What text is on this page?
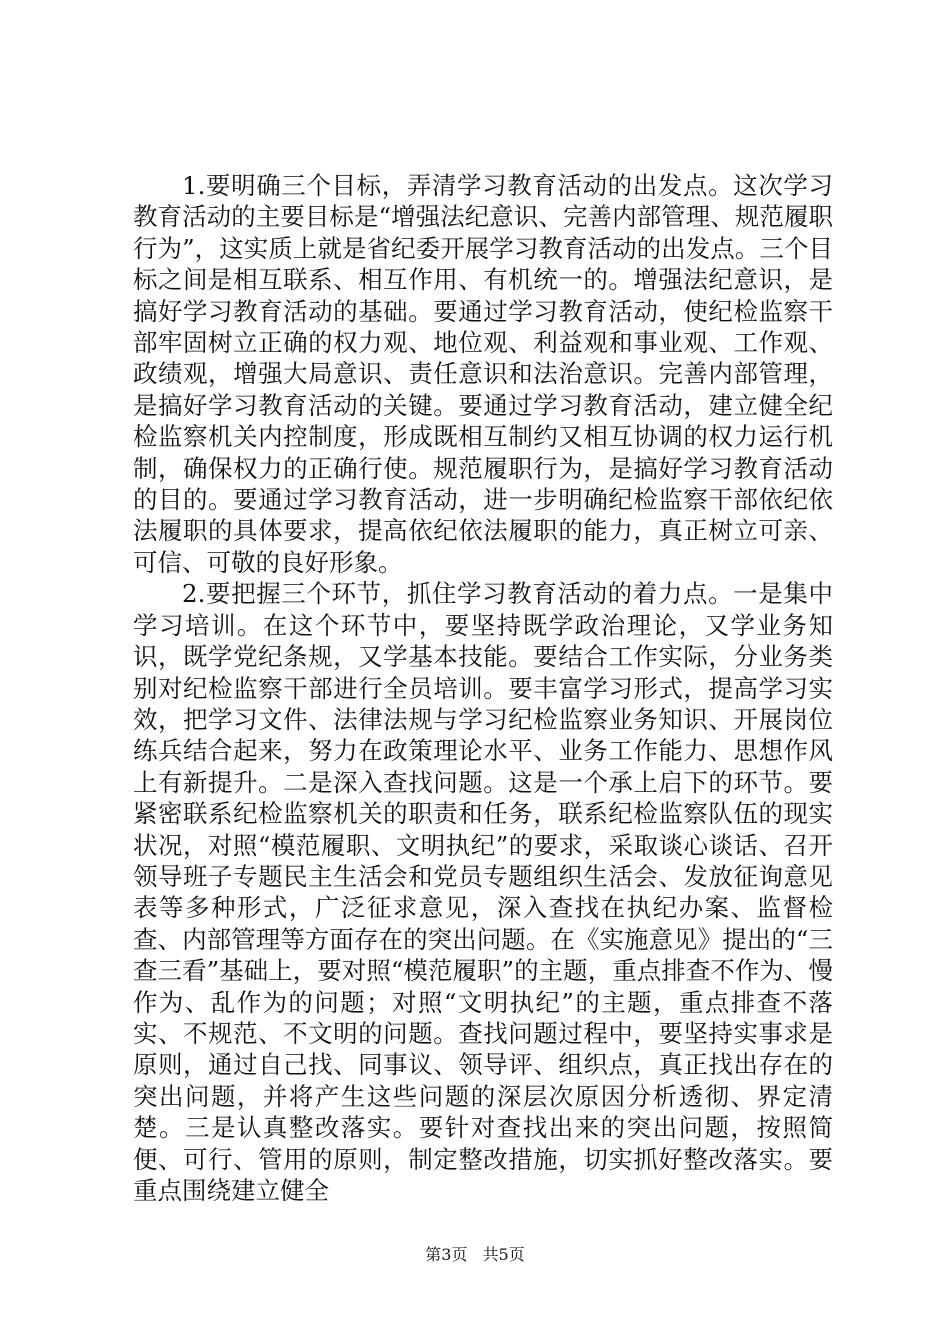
1.要明确三个目标，弄清学习教育活动的出发点。这次学习教育活动的主要目标是“增强法纪意识、完善内部管理、规范履职行为”，这实质上就是省纪委开展学习教育活动的出发点。三个目标之间是相互联系、相互作用、有机统一的。增强法纪意识，是搞好学习教育活动的基础。要通过学习教育活动，使纪检监察干部牢固树立正确的权力观、地位观、利益观和事业观、工作观、政绩观，增强大局意识、责任意识和法治意识。完善内部管理，是搞好学习教育活动的关键。要通过学习教育活动，建立健全纪检监察机关内控制度，形成既相互制约又相互协调的权力运行机制，确保权力的正确行使。规范履职行为，是搞好学习教育活动的目的。要通过学习教育活动，进一步明确纪检监察干部依纪依法履职的具体要求，提高依纪依法履职的能力，真正树立可亲、可信、可敬的良好形象。

2.要把握三个环节，抓住学习教育活动的着力点。一是集中学习培训。在这个环节中，要坚持既学政治理论，又学业务知识，既学党纪条规，又学基本技能。要结合工作实际，分业务类别对纪检监察干部进行全员培训。要丰富学习形式，提高学习实效，把学习文件、法律法规与学习纪检监察业务知识、开展岗位练兵结合起来，努力在政策理论水平、业务工作能力、思想作风上有新提升。二是深入查找问题。这是一个承上启下的环节。要紧密联系纪检监察机关的职责和任务，联系纪检监察队伍的现实状况，对照“模范履职、文明执纪”的要求，采取谈心谈话、召开领导班子专题民主生活会和党员专题组织生活会、发放征询意见表等多种形式，广泛征求意见，深入查找在执纪办案、监督检查、内部管理等方面存在的突出问题。在《实施意见》提出的“三查三看”基础上，要对照“模范履职”的主题，重点排查不作为、慢作为、乱作为的问题；对照“文明执纪”的主题，重点排查不落实、不规范、不文明的问题。查找问题过程中，要坚持实事求是原则，通过自己找、同事议、领导评、组织点，真正找出存在的突出问题，并将产生这些问题的深层次原因分析透彻、界定清楚。三是认真整改落实。要针对查找出来的突出问题，按照简便、可行、管用的原则，制定整改措施，切实抓好整改落实。要重点围绕建立健全

第3页 共5页
